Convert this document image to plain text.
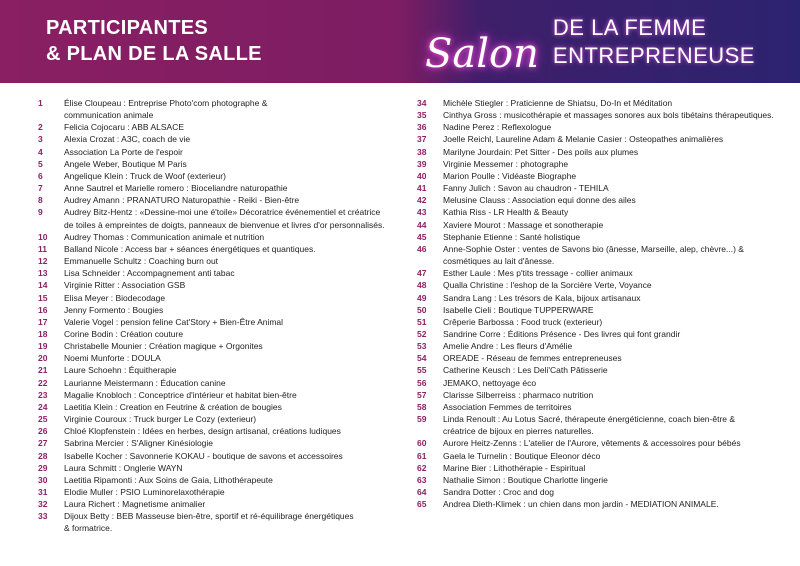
PARTICIPANTES
& PLAN DE LA SALLE	Salon
DE LA FEMME ENTREPRENEUSE
1	Élise Cloupeau : Entreprise Photo'com photographe &
communication animale
2	Felicia Cojocaru : ABB ALSACE
3	Alexia Crozat : A3C, coach de vie
4	Association La Porte de l'espoir
5	Angele Weber, Boutique M Paris
6	Angelique Klein : Truck de Woof (exterieur)
7	Anne Sautrel et Marielle romero : Bioceliandre naturopathie
8	Audrey Amann : PRANATURO Naturopathie - Reiki - Bien-être
9	Audrey Bitz-Hentz : «Dessine-moi une é'toile» Décoratrice événementiel et créatrice
de toiles à empreintes de doigts, panneaux de bienvenue et livres d'or personnalisés.
10	Audrey Thomas : Communication animale et nutrition
11	Balland Nicole : Access bar + séances énergétiques et quantiques.
12	Emmanuelle Schultz : Coaching burn out
13	Lisa Schneider : Accompagnement anti tabac
14	Virginie Ritter : Association GSB
15	Elisa Meyer : Biodecodage
16	Jenny Formento : Bougies
17	Valerie Vogel : pension feline Cat'Story + Bien-Être Animal
18	Corine Bodin : Création couture
19	Christabelle Mounier : Création magique + Orgonites
20	Noemi Munforte : DOULA
21	Laure Schoehn : Équitherapie
22	Laurianne Meistermann : Éducation canine
23	Magalie Knobloch : Conceptrice d'intérieur et habitat bien-être
24	Laetitia Klein : Creation en Feutrine & création de bougies
25	Virginie Couroux : Truck burger Le Cozy (exterieur)
26	Chloé Klopfenstein : Idées en herbes, design artisanal, créations ludiques
27	Sabrina Mercier : S'Aligner Kinésiologie
28	Isabelle Kocher : Savonnerie KOKAU - boutique de savons et accessoires
29	Laura Schmitt : Onglerie WAYN
30	Laetitia Ripamonti : Aux Soins de Gaia, Lithothérapeute
31	Elodie Muller : PSIO Luminorelaxothérapie
32	Laura Richert : Magnetisme animalier
33	Dijoux Betty : BEB Masseuse bien-être, sportif et ré-équilibrage énergétiques
& formatrice.
34	Michèle Stiegler : Praticienne de Shiatsu, Do-In et Méditation
35	Cinthya Gross : musicothérapie et massages sonores aux bols tibétains thérapeutiques.
36	Nadine Perez : Reflexologue
37	Joelle Reichl, Laureline Adam & Melanie Casier : Osteopathes animalières
38	Marilyne Jourdain: Pet Sitter - Des poils aux plumes
39	Virginie Messemer : photographe
40	Marion Poulle : Vidéaste Biographe
41	Fanny Julich : Savon au chaudron - TEHILA
42	Melusine Clauss : Association equi donne des ailes
43	Kathia Riss - LR Health & Beauty
44	Xaviere Mourot : Massage et sonotherapie
45	Stephanie Etienne : Santé holistique
46	Anne-Sophie Oster : ventes de Savons bio (ânesse, Marseille, alep, chèvre...) &
cosmétiques au lait d'ânesse.
47	Esther Laule : Mes p'tits tressage - collier animaux
48	Qualla Christine : l'eshop de la Sorcière Verte, Voyance
49	Sandra Lang : Les trésors de Kala, bijoux artisanaux
50	Isabelle Cieli : Boutique TUPPERWARE
51	Crêperie Barbossa : Food truck (exterieur)
52	Sandrine Corre : Éditions Présence - Des livres qui font grandir
53	Amelie Andre : Les fleurs d'Amélie
54	OREADE - Réseau de femmes entrepreneuses
55	Catherine Keusch : Les Deli'Cath Pâtisserie
56	JEMAKO, nettoyage éco
57	Clarisse Silberreiss : pharmaco nutrition
58	Association Femmes de territoires
59	Linda Renoult : Au Lotus Sacré, thérapeute énergéticienne, coach bien-être &
créatrice de bijoux en pierres naturelles.
60	Aurore Heitz-Zenns : L'atelier de l'Aurore, vêtements & accessoires pour bébés
61	Gaela le Turnelin : Boutique Eleonor déco
62	Marine Bier : Lithothérapie - Espiritual
63	Nathalie Simon : Boutique Charlotte lingerie
64	Sandra Dotter : Croc and dog
65	Andrea Dieth-Klimek : un chien dans mon jardin - MEDIATION ANIMALE.
